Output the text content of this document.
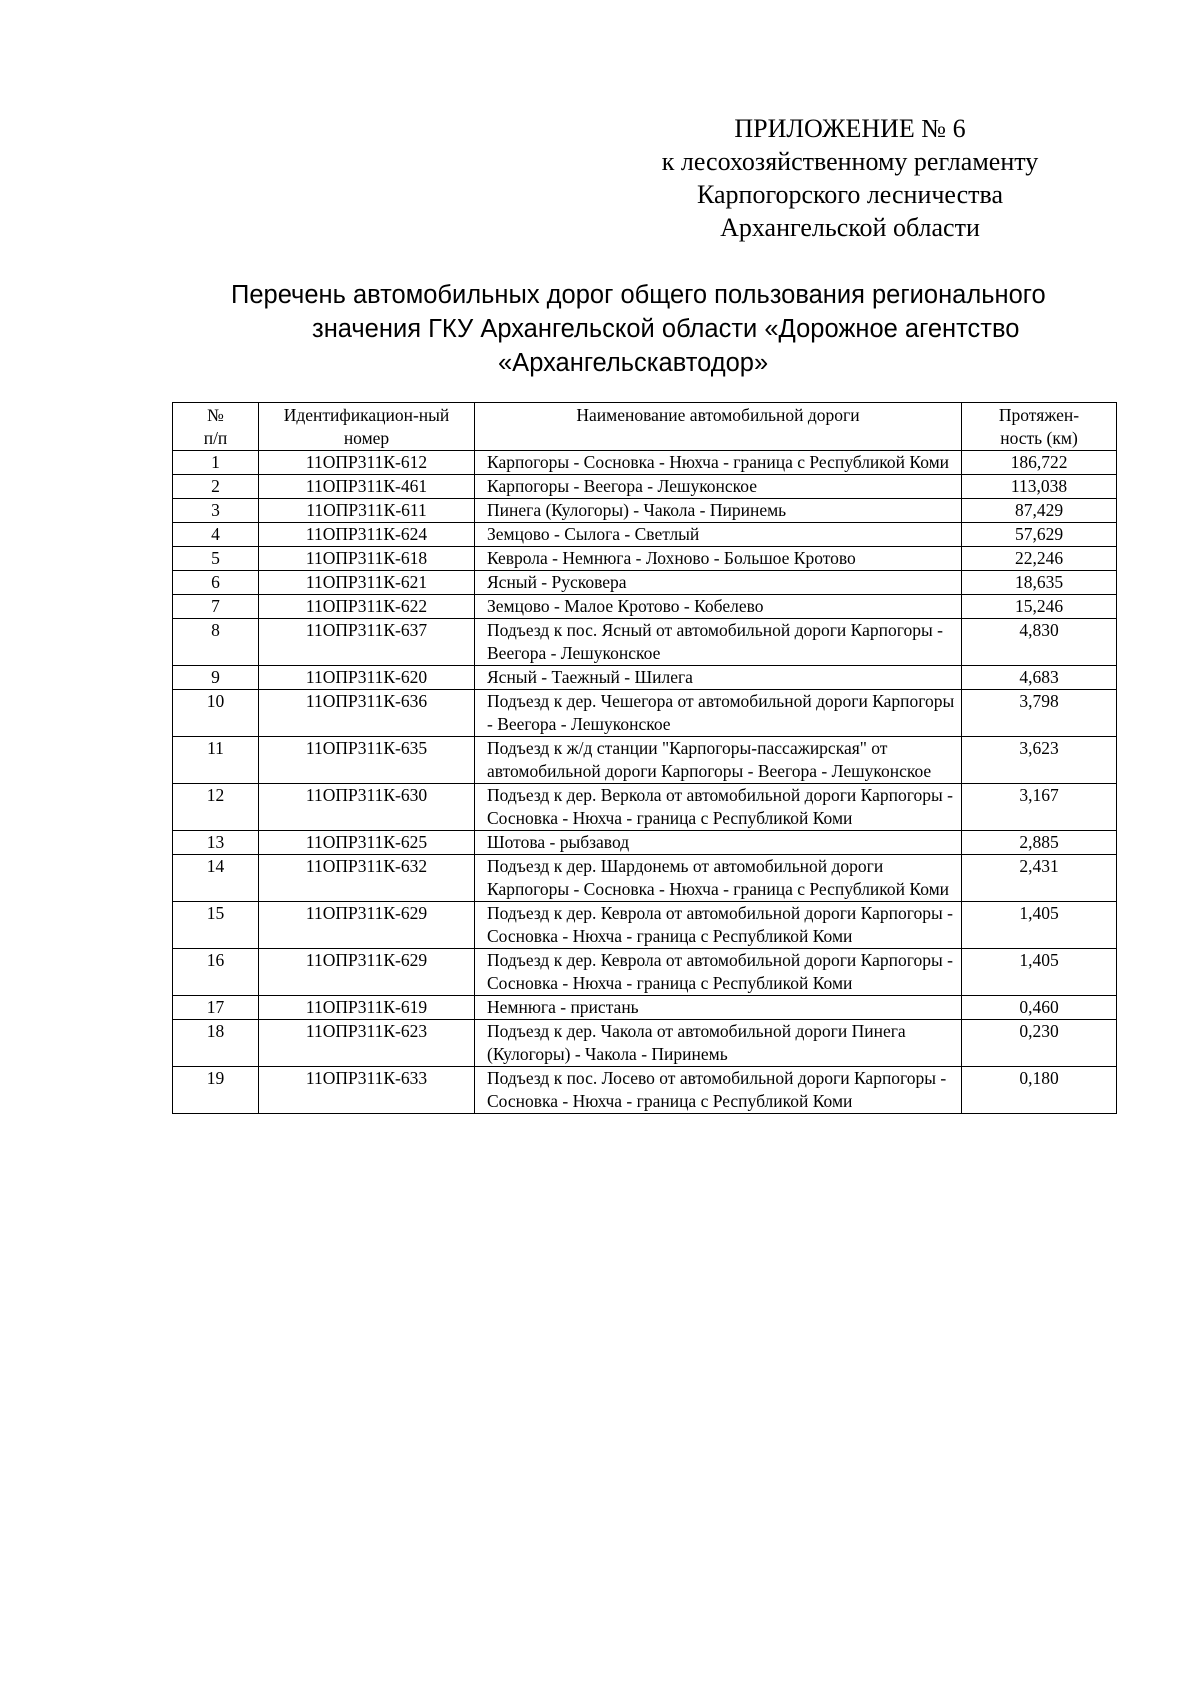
ПРИЛОЖЕНИЕ № 6
к лесохозяйственному регламенту
Карпогорского лесничества
Архангельской области
Перечень автомобильных дорог общего пользования регионального
значения ГКУ Архангельской области «Дорожное агентство
«Архангельскавтодор»
№ п/п	Идентификацион-ный номер	Наименование автомобильной дороги	Протяжен-ность (км)
1	11ОПР311К-612	Карпогоры - Сосновка - Нюхча - граница с Республикой Коми	186,722
2	11ОПР311К-461	Карпогоры - Веегора - Лешуконское	113,038
3	11ОПР311К-611	Пинега (Кулогоры) - Чакола - Пиринемь	87,429
4	11ОПР311К-624	Земцово - Сылога - Светлый	57,629
5	11ОПР311К-618	Кеврола - Немнюга - Лохново - Большое Кротово	22,246
6	11ОПР311К-621	Ясный - Русковера	18,635
7	11ОПР311К-622	Земцово - Малое Кротово - Кобелево	15,246
8	11ОПР311К-637	Подъезд к пос. Ясный от автомобильной дороги Карпогоры - Веегора - Лешуконское	4,830
9	11ОПР311К-620	Ясный - Таежный - Шилега	4,683
10	11ОПР311К-636	Подъезд к дер. Чешегора от автомобильной дороги Карпогоры - Веегора - Лешуконское	3,798
11	11ОПР311К-635	Подъезд к ж/д станции "Карпогоры-пассажирская" от автомобильной дороги Карпогоры - Веегора - Лешуконское	3,623
12	11ОПР311К-630	Подъезд к дер. Веркола от автомобильной дороги Карпогоры - Сосновка - Нюхча - граница с Республикой Коми	3,167
13	11ОПР311К-625	Шотова - рыбзавод	2,885
14	11ОПР311К-632	Подъезд к дер. Шардонемь от автомобильной дороги Карпогоры - Сосновка - Нюхча - граница с Республикой Коми	2,431
15	11ОПР311К-629	Подъезд к дер. Кеврола от автомобильной дороги Карпогоры - Сосновка - Нюхча - граница с Республикой Коми	1,405
16	11ОПР311К-629	Подъезд к дер. Кеврола от автомобильной дороги Карпогоры - Сосновка - Нюхча - граница с Республикой Коми	1,405
17	11ОПР311К-619	Немнюга - пристань	0,460
18	11ОПР311К-623	Подъезд к дер. Чакола от автомобильной дороги Пинега (Кулогоры) - Чакола - Пиринемь	0,230
19	11ОПР311К-633	Подъезд к пос. Лосево от автомобильной дороги Карпогоры - Сосновка - Нюхча - граница с Республикой Коми	0,180
